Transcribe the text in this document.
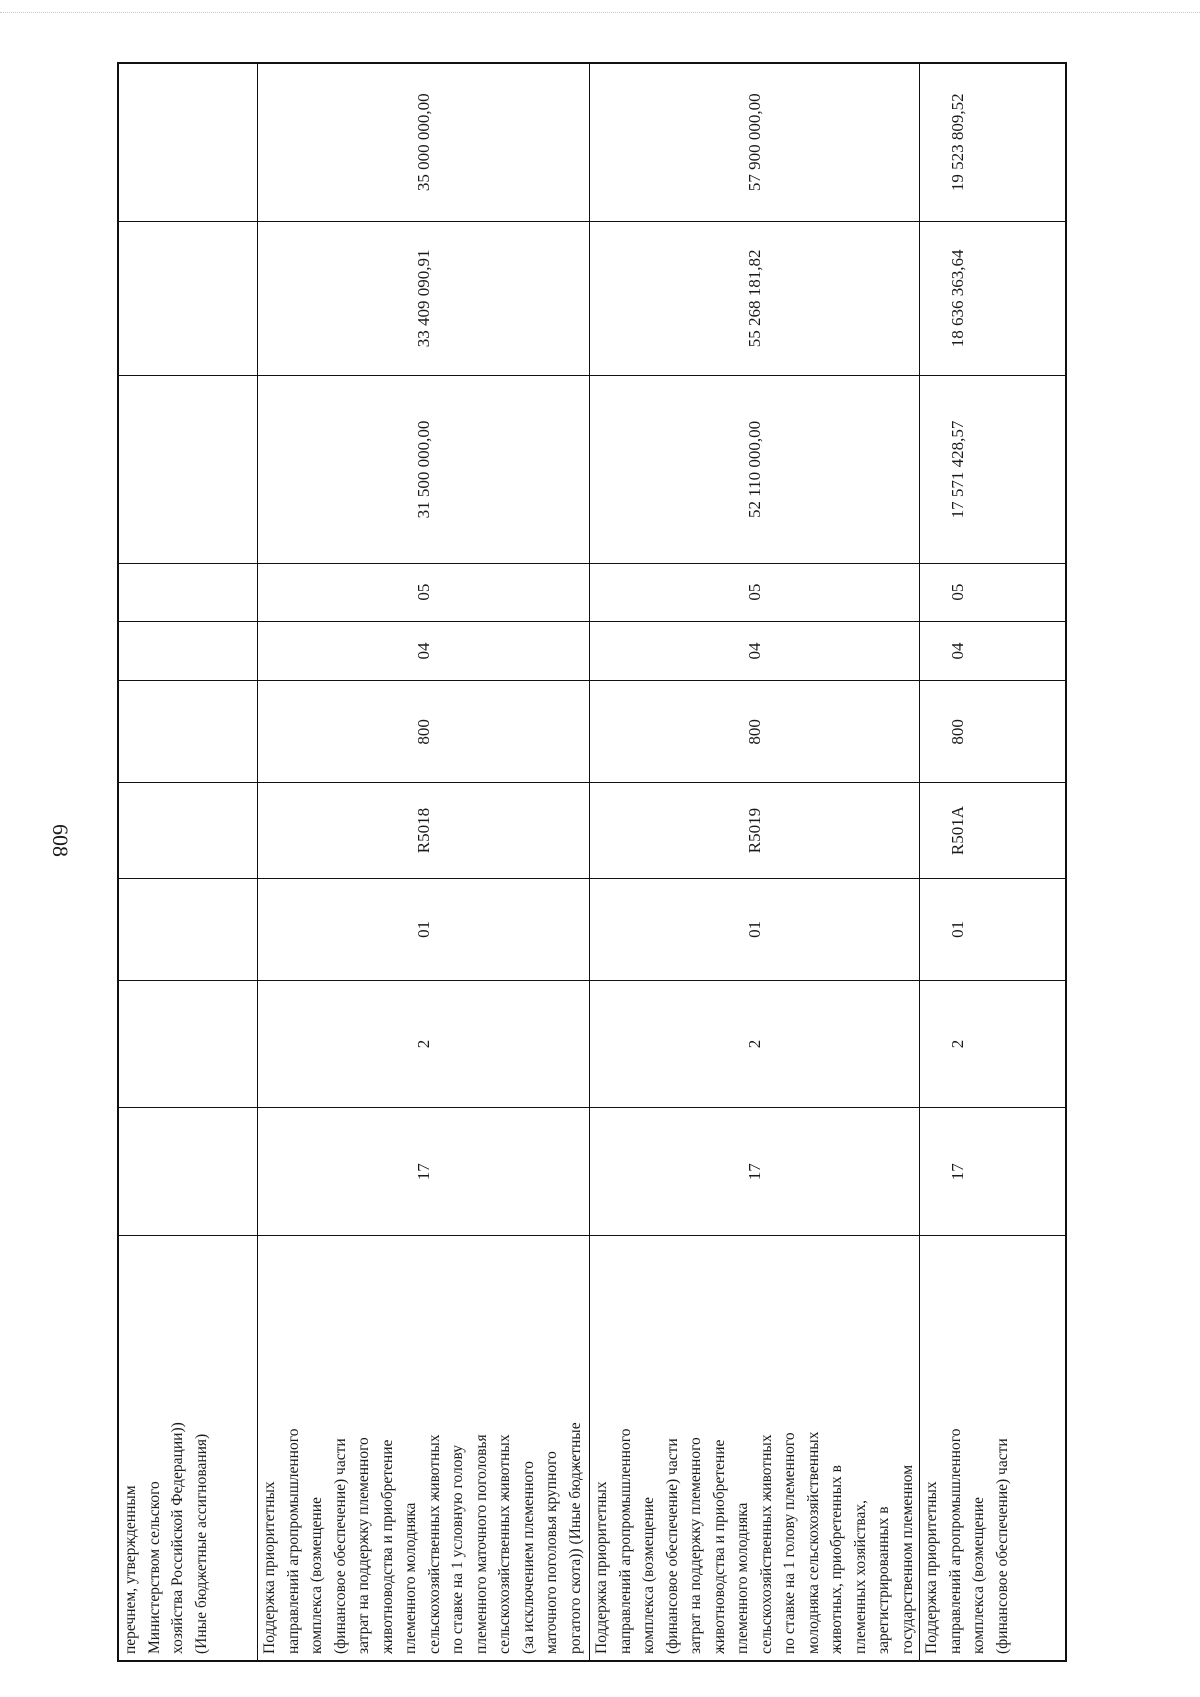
608
перечнем, утвержденным
Министерством сельского
хозяйства Российской Федерации))
(Иные бюджетные ассигнования)
Поддержка приоритетных
направлений агропромышленного
комплекса (возмещение
(финансовое обеспечение) части
затрат на поддержку племенного
животноводства и приобретение
племенного молодняка
сельскохозяйственных животных
по ставке на 1 условную голову
племенного маточного поголовья
сельскохозяйственных животных
(за исключением племенного
маточного поголовья крупного
рогатого скота)) (Иные бюджетные

17
2
01
R5018
800
04
05
31 500 000,00
33 409 090,91
35 000 000,00
Поддержка приоритетных
направлений агропромышленного
комплекса (возмещение
(финансовое обеспечение) части
затрат на поддержку племенного
животноводства и приобретение
племенного молодняка
сельскохозяйственных животных
по ставке на 1 голову племенного
молодняка сельскохозяйственных
животных, приобретенных в
племенных хозяйствах,
зарегистрированных в
государственном племенном

17
2
01
R5019
800
04
05
52 110 000,00
55 268 181,82
57 900 000,00
Поддержка приоритетных
направлений агропромышленного
комплекса (возмещение
(финансовое обеспечение) части
17
2
01
R501A
800
04
05
17 571 428,57
18 636 363,64
19 523 809,52
